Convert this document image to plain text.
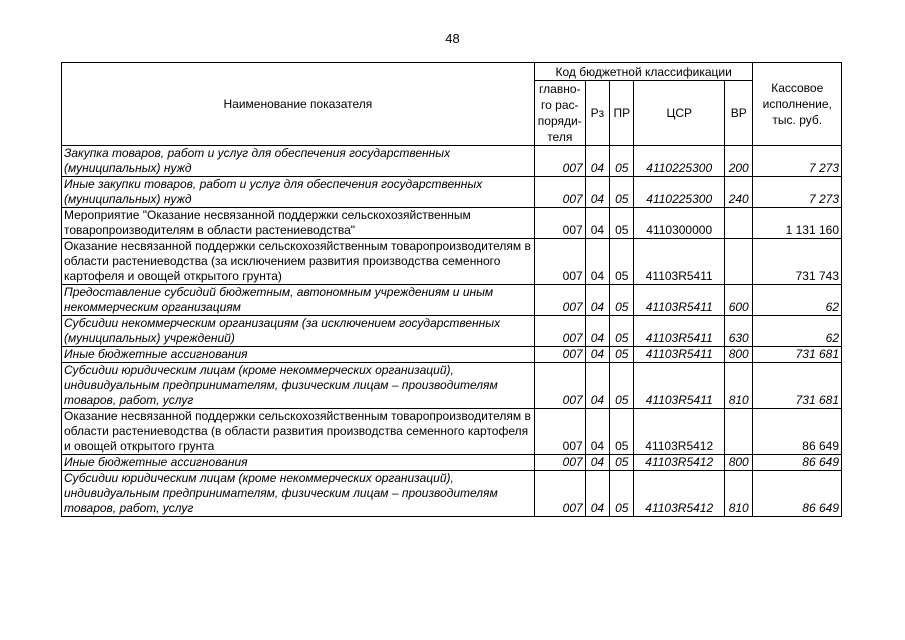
48
Наименование показателя	Код бюджетной классификации					Кассовое
исполнение,
тыс. руб.
	главно-
го рас-
поряди-
теля	Рз	ПР	ЦСР	ВР	
Закупка товаров, работ и услуг для обеспечения государственных (муниципальных) нужд	007	04	05	4110225300	200	7 273
Иные закупки товаров, работ и услуг для обеспечения государственных (муниципальных) нужд	007	04	05	4110225300	240	7 273
Мероприятие "Оказание несвязанной поддержки сельскохозяйственным товаропроизводителям в области растениеводства"	007	04	05	4110300000		1 131 160
Оказание несвязанной поддержки сельскохозяйственным товаропроизводителям в области растениеводства (за исключением развития производства семенного картофеля и овощей открытого грунта)	007	04	05	41103R5411		731 743
Предоставление субсидий бюджетным, автономным учреждениям и иным некоммерческим организациям	007	04	05	41103R5411	600	62
Субсидии некоммерческим организациям (за исключением государственных (муниципальных) учреждений)	007	04	05	41103R5411	630	62
Иные бюджетные ассигнования	007	04	05	41103R5411	800	731 681
Субсидии юридическим лицам (кроме некоммерческих организаций), индивидуальным предпринимателям, физическим лицам – производителям товаров, работ, услуг	007	04	05	41103R5411	810	731 681
Оказание несвязанной поддержки сельскохозяйственным товаропроизводителям в области растениеводства (в области развития производства семенного картофеля и овощей открытого грунта	007	04	05	41103R5412		86 649
Иные бюджетные ассигнования	007	04	05	41103R5412	800	86 649
Субсидии юридическим лицам (кроме некоммерческих организаций), индивидуальным предпринимателям, физическим лицам – производителям товаров, работ, услуг	007	04	05	41103R5412	810	86 649
